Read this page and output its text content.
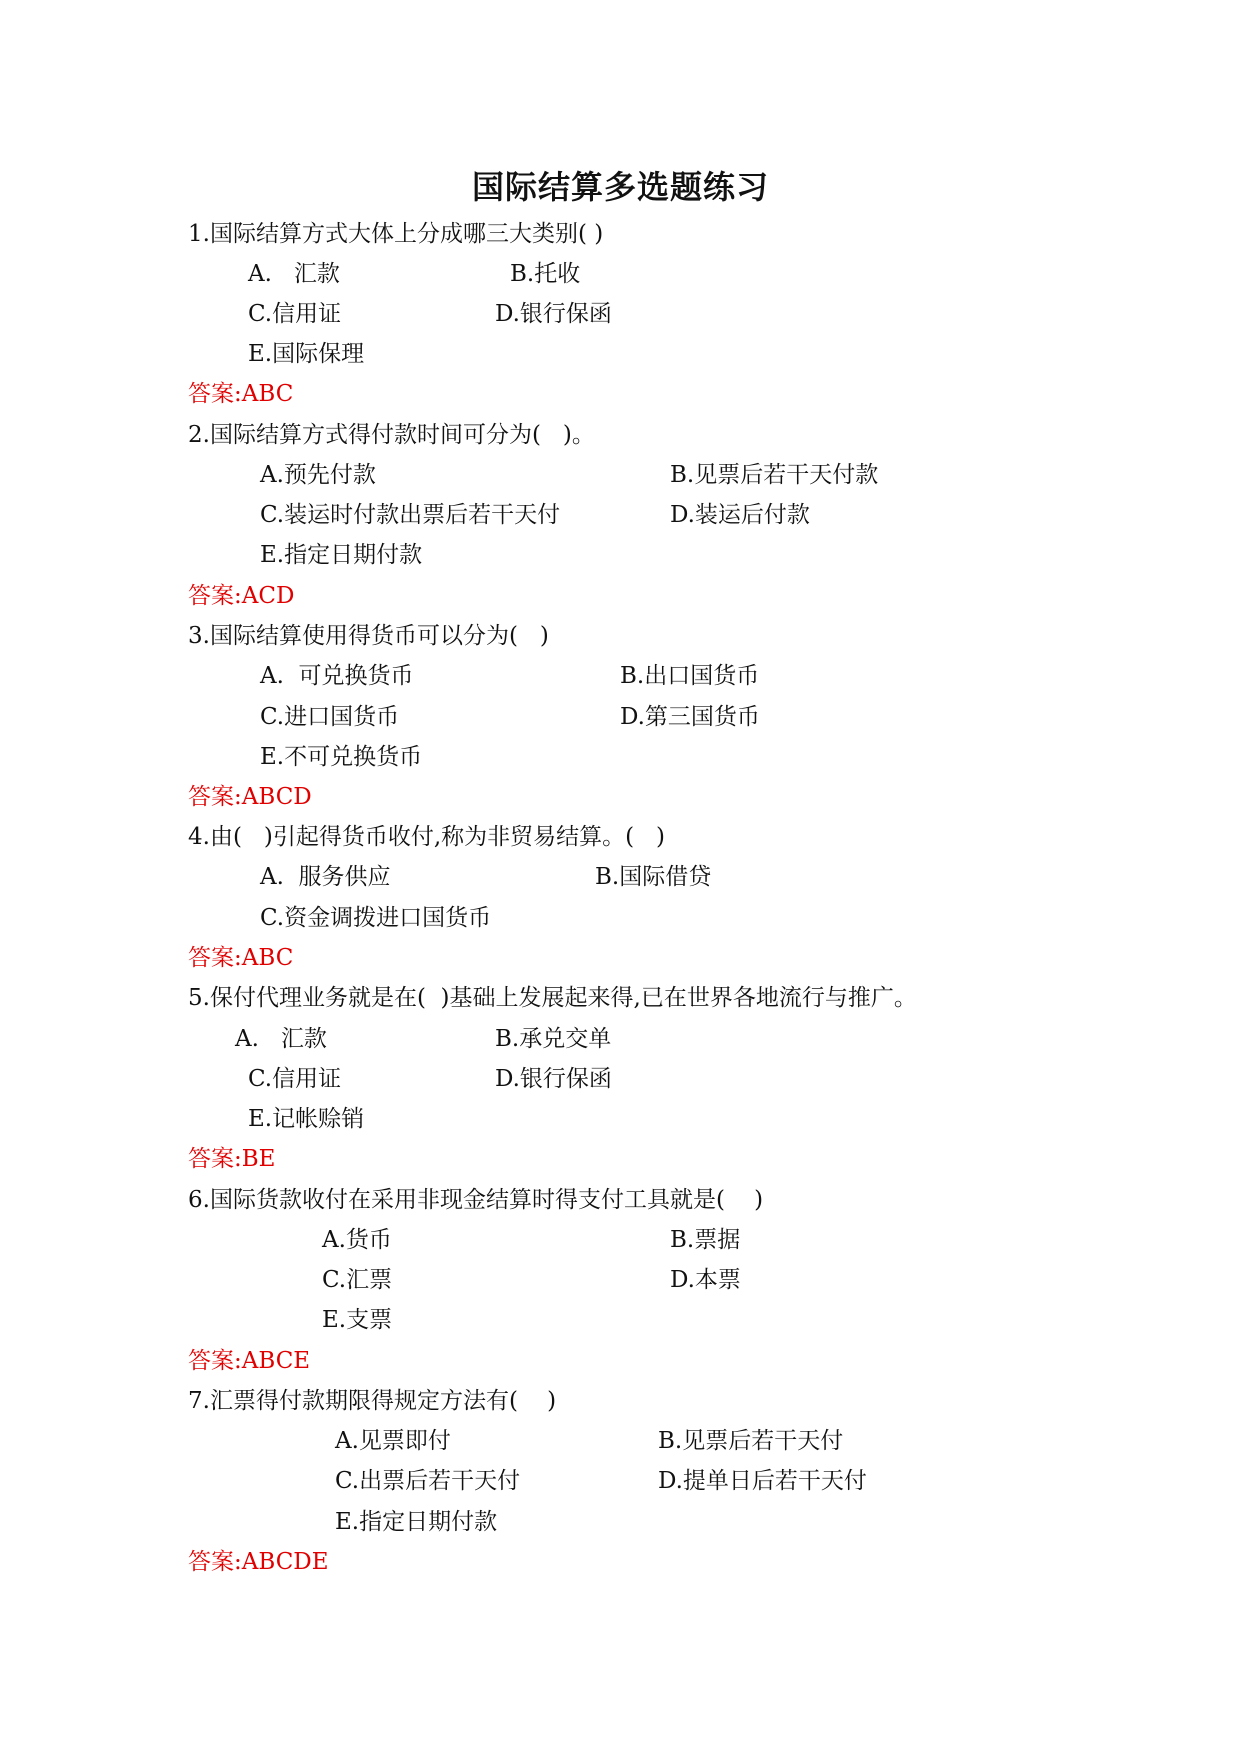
国际结算多选题练习
1.国际结算方式大体上分成哪三大类别( )
A.   汇款	B.托收
C.信用证	D.银行保函
E.国际保理
答案:ABC
2.国际结算方式得付款时间可分为(   )。
A.预先付款	B.见票后若干天付款
C.装运时付款出票后若干天付	D.装运后付款
E.指定日期付款
答案:ACD
3.国际结算使用得货币可以分为(   )
A.  可兑换货币	B.出口国货币
C.进口国货币	D.第三国货币
E.不可兑换货币
答案:ABCD
4.由(   )引起得货币收付,称为非贸易结算。(   )
A.  服务供应	B.国际借贷
C.资金调拨进口国货币
答案:ABC
5.保付代理业务就是在(  )基础上发展起来得,已在世界各地流行与推广。
A.   汇款	B.承兑交单
C.信用证	D.银行保函
E.记帐赊销
答案:BE
6.国际货款收付在采用非现金结算时得支付工具就是(    )
A.货币	B.票据
C.汇票	D.本票
E.支票
答案:ABCE
7.汇票得付款期限得规定方法有(    )
A.见票即付	B.见票后若干天付
C.出票后若干天付	D.提单日后若干天付
E.指定日期付款
答案:ABCDE
